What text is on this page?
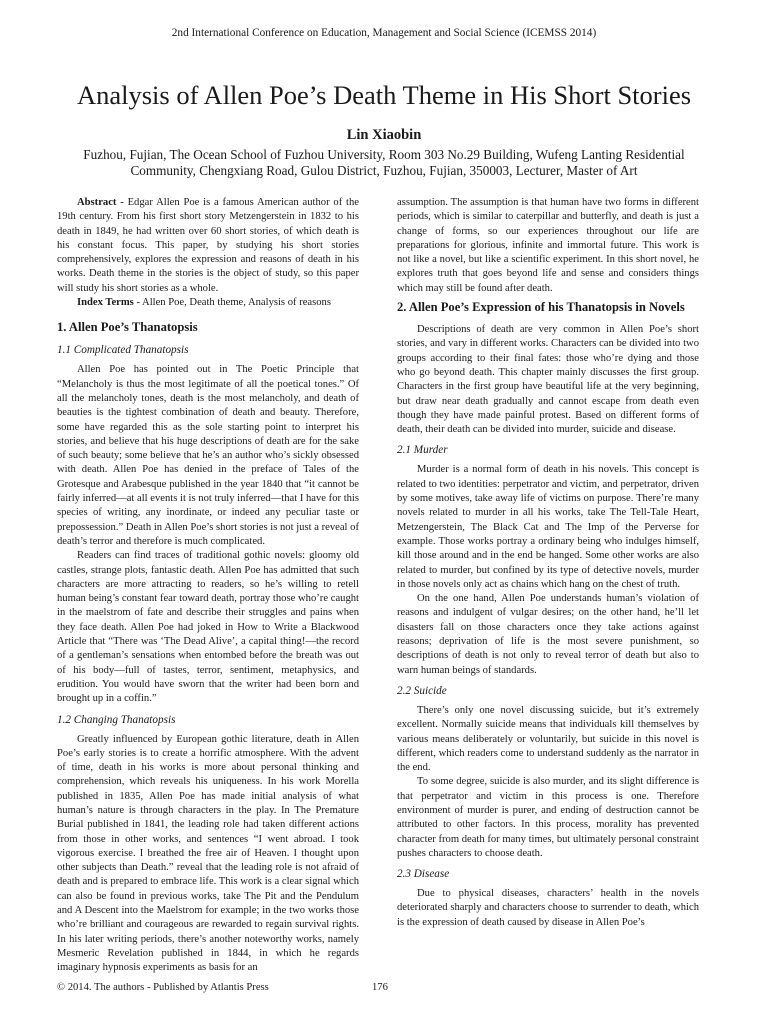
2nd International Conference on Education, Management and Social Science (ICEMSS 2014)
Analysis of Allen Poe’s Death Theme in His Short Stories
Lin Xiaobin
Fuzhou, Fujian, The Ocean School of Fuzhou University, Room 303 No.29 Building, Wufeng Lanting Residential Community, Chengxiang Road, Gulou District, Fuzhou, Fujian, 350003, Lecturer, Master of Art

Abstract - Edgar Allen Poe is a famous American author of the 19th century. From his first short story Metzengerstein in 1832 to his death in 1849, he had written over 60 short stories, of which death is his constant focus. This paper, by studying his short stories comprehensively, explores the expression and reasons of death in his works. Death theme in the stories is the object of study, so this paper will study his short stories as a whole.

Index Terms - Allen Poe, Death theme, Analysis of reasons

1. Allen Poe’s Thanatopsis
1.1 Complicated Thanatopsis

Allen Poe has pointed out in The Poetic Principle that “Melancholy is thus the most legitimate of all the poetical tones.” Of all the melancholy tones, death is the most melancholy, and death of beauties is the tightest combination of death and beauty. Therefore, some have regarded this as the sole starting point to interpret his stories, and believe that his huge descriptions of death are for the sake of such beauty; some believe that he’s an author who’s sickly obsessed with death. Allen Poe has denied in the preface of Tales of the Grotesque and Arabesque published in the year 1840 that “it cannot be fairly inferred—at all events it is not truly inferred—that I have for this species of writing, any inordinate, or indeed any peculiar taste or prepossession.” Death in Allen Poe’s short stories is not just a reveal of death’s terror and therefore is much complicated.

Readers can find traces of traditional gothic novels: gloomy old castles, strange plots, fantastic death. Allen Poe has admitted that such characters are more attracting to readers, so he’s willing to retell human being’s constant fear toward death, portray those who’re caught in the maelstrom of fate and describe their struggles and pains when they face death. Allen Poe had joked in How to Write a Blackwood Article that “There was ‘The Dead Alive’, a capital thing!—the record of a gentleman’s sensations when entombed before the breath was out of his body—full of tastes, terror, sentiment, metaphysics, and erudition. You would have sworn that the writer had been born and brought up in a coffin.”

1.2 Changing Thanatopsis

Greatly influenced by European gothic literature, death in Allen Poe’s early stories is to create a horrific atmosphere. With the advent of time, death in his works is more about personal thinking and comprehension, which reveals his uniqueness. In his work Morella published in 1835, Allen Poe has made initial analysis of what human’s nature is through characters in the play. In The Premature Burial published in 1841, the leading role had taken different actions from those in other works, and sentences “I went abroad. I took vigorous exercise. I breathed the free air of Heaven. I thought upon other subjects than Death.” reveal that the leading role is not afraid of death and is prepared to embrace life. This work is a clear signal which can also be found in previous works, take The Pit and the Pendulum and A Descent into the Maelstrom for example; in the two works those who’re brilliant and courageous are rewarded to regain survival rights. In his later writing periods, there’s another noteworthy works, namely Mesmeric Revelation published in 1844, in which he regards imaginary hypnosis experiments as basis for an

assumption. The assumption is that human have two forms in different periods, which is similar to caterpillar and butterfly, and death is just a change of forms, so our experiences throughout our life are preparations for glorious, infinite and immortal future. This work is not like a novel, but like a scientific experiment. In this short novel, he explores truth that goes beyond life and sense and considers things which may still be found after death.

2. Allen Poe’s Expression of his Thanatopsis in Novels

Descriptions of death are very common in Allen Poe’s short stories, and vary in different works. Characters can be divided into two groups according to their final fates: those who’re dying and those who go beyond death. This chapter mainly discusses the first group. Characters in the first group have beautiful life at the very beginning, but draw near death gradually and cannot escape from death even though they have made painful protest. Based on different forms of death, their death can be divided into murder, suicide and disease.

2.1 Murder

Murder is a normal form of death in his novels. This concept is related to two identities: perpetrator and victim, and perpetrator, driven by some motives, take away life of victims on purpose. There’re many novels related to murder in all his works, take The Tell-Tale Heart, Metzengerstein, The Black Cat and The Imp of the Perverse for example. Those works portray a ordinary being who indulges himself, kill those around and in the end be hanged. Some other works are also related to murder, but confined by its type of detective novels, murder in those novels only act as chains which hang on the chest of truth.

On the one hand, Allen Poe understands human’s violation of reasons and indulgent of vulgar desires; on the other hand, he’ll let disasters fall on those characters once they take actions against reasons; deprivation of life is the most severe punishment, so descriptions of death is not only to reveal terror of death but also to warn human beings of standards.

2.2 Suicide

There’s only one novel discussing suicide, but it’s extremely excellent. Normally suicide means that individuals kill themselves by various means deliberately or voluntarily, but suicide in this novel is different, which readers come to understand suddenly as the narrator in the end.

To some degree, suicide is also murder, and its slight difference is that perpetrator and victim in this process is one. Therefore environment of murder is purer, and ending of destruction cannot be attributed to other factors. In this process, morality has prevented character from death for many times, but ultimately personal constraint pushes characters to choose death.

2.3 Disease

Due to physical diseases, characters’ health in the novels deteriorated sharply and characters choose to surrender to death, which is the expression of death caused by disease in Allen Poe’s

© 2014. The authors - Published by Atlantis Press	176
